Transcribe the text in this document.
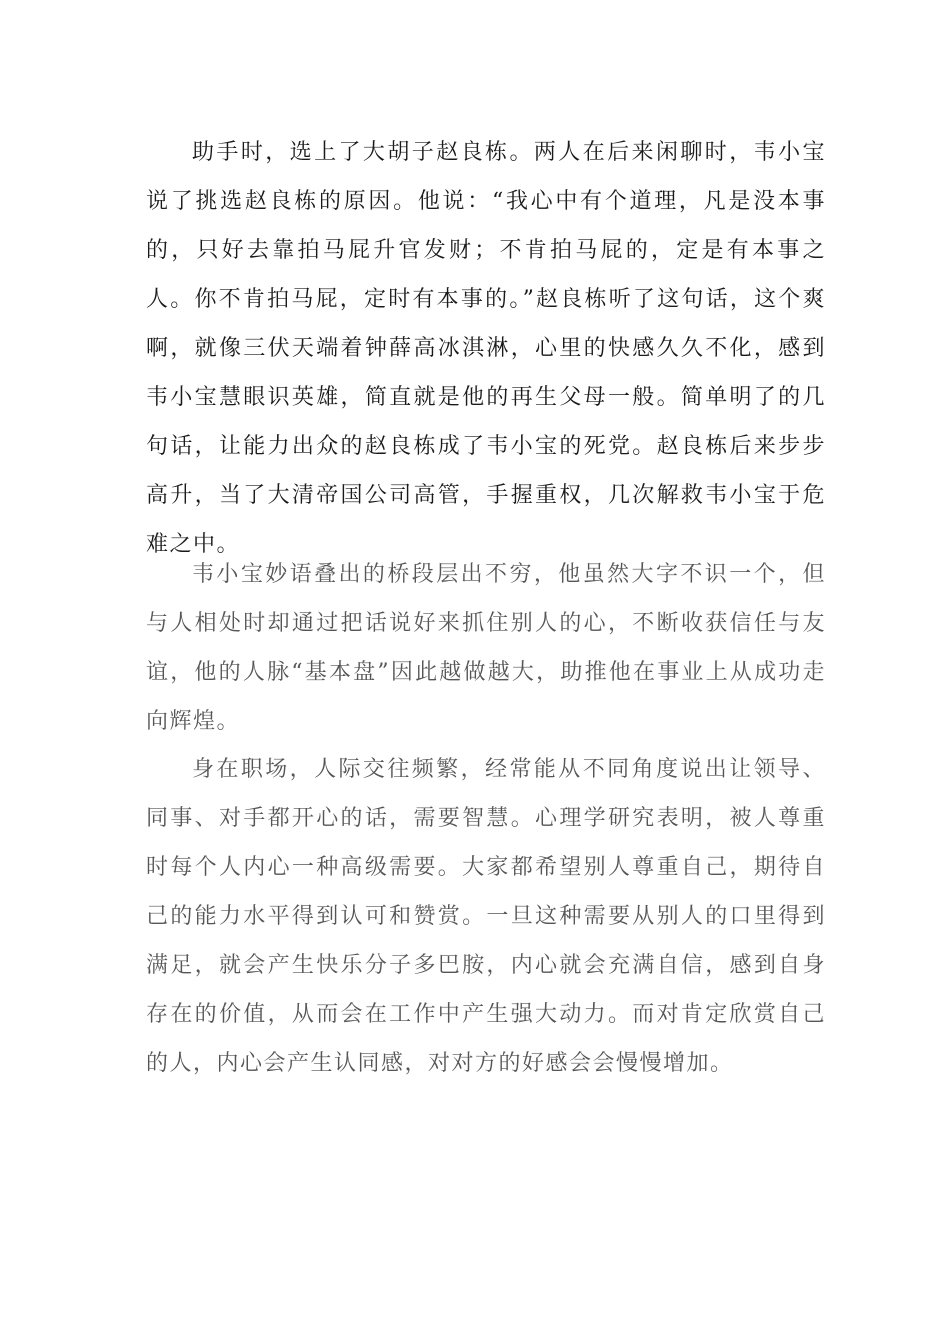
助手时，选上了大胡子赵良栋。两人在后来闲聊时，韦小宝说了挑选赵良栋的原因。他说：“我心中有个道理，凡是没本事的，只好去靠拍马屁升官发财；不肯拍马屁的，定是有本事之人。你不肯拍马屁，定时有本事的。”赵良栋听了这句话，这个爽啊，就像三伏天端着钟薛高冰淇淋，心里的快感久久不化，感到韦小宝慧眼识英雄，简直就是他的再生父母一般。简单明了的几句话，让能力出众的赵良栋成了韦小宝的死党。赵良栋后来步步高升，当了大清帝国公司高管，手握重权，几次解救韦小宝于危难之中。

韦小宝妙语叠出的桥段层出不穷，他虽然大字不识一个，但与人相处时却通过把话说好来抓住别人的心，不断收获信任与友谊，他的人脉“基本盘”因此越做越大，助推他在事业上从成功走向辉煌。

身在职场，人际交往频繁，经常能从不同角度说出让领导、同事、对手都开心的话，需要智慧。心理学研究表明，被人尊重时每个人内心一种高级需要。大家都希望别人尊重自己，期待自己的能力水平得到认可和赞赏。一旦这种需要从别人的口里得到满足，就会产生快乐分子多巴胺，内心就会充满自信，感到自身存在的价值，从而会在工作中产生强大动力。而对肯定欣赏自己的人，内心会产生认同感，对对方的好感会会慢慢增加。
